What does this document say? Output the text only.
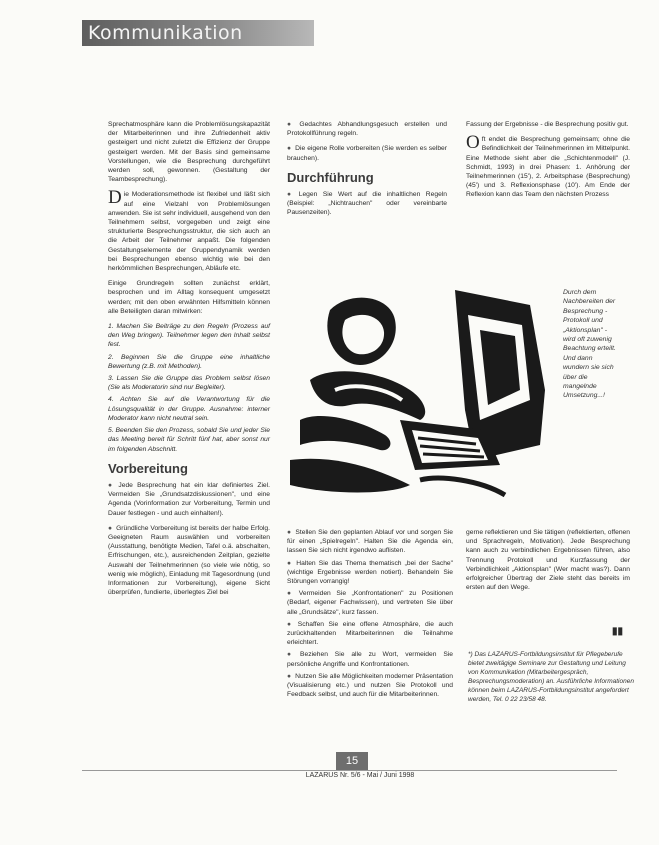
Kommunikation

Sprechatmosphäre kann die Problemlösungskapazität der Mitarbeiterinnen und ihre Zufriedenheit aktiv gesteigert und nicht zuletzt die Effizienz der Gruppe gesteigert werden. Mit der Basis sind gemeinsame Vorstellungen, wie die Besprechung durchgeführt werden soll, gewonnen. (Gestaltung der Teambesprechung).

Die Moderationsmethode ist flexibel und läßt sich auf eine Vielzahl von Problemlösungen anwenden. Sie ist sehr individuell, ausgehend von den Teilnehmern selbst, vorgegeben und zeigt eine strukturierte Besprechungsstruktur, die sich auch an die Arbeit der Teilnehmer anpaßt. Die folgenden Gestaltungselemente der Gruppendynamik werden bei Besprechungen ebenso wichtig wie bei den herkömmlichen Besprechungen, Abläufe etc.

Einige Grundregeln sollten zunächst erklärt, besprochen und im Alltag konsequent umgesetzt werden; mit den oben erwähnten Hilfsmitteln können alle Beteiligten daran mitwirken:

1. Machen Sie Beiträge zu den Regeln (Prozess auf den Weg bringen). Teilnehmer legen den Inhalt selbst fest.

2. Beginnen Sie die Gruppe eine inhaltliche Bewertung (z.B. mit Methoden).

3. Lassen Sie die Gruppe das Problem selbst lösen (Sie als Moderatorin sind nur Begleiter).

4. Achten Sie auf die Verantwortung für die Lösungsqualität in der Gruppe. Ausnahme: interner Moderator kann nicht neutral sein.

5. Beenden Sie den Prozess, sobald Sie und jeder Sie das Meeting bereit für Schritt fünf hat, aber sonst nur im folgenden Abschnitt.

Vorbereitung

● Jede Besprechung hat ein klar definiertes Ziel. Vermeiden Sie „Grundsatzdiskussionen", und eine Agenda (Vorinformation zur Vorbereitung, Termin und Dauer festlegen - und auch einhalten!).

● Gründliche Vorbereitung ist bereits der halbe Erfolg. Geeigneten Raum auswählen und vorbereiten (Ausstattung, benötigte Medien, Tafel o.ä. abschalten, Erfrischungen, etc.), ausreichenden Zeitplan, gezielte Auswahl der Teilnehmerinnen (so viele wie nötig, so wenig wie möglich), Einladung mit Tagesordnung (und Informationen zur Vorbereitung), eigene Sicht überprüfen, fundierte, überlegtes Ziel bei

● Gedachtes Abhandlungsgesuch erstellen und Protokollführung regeln.

● Die eigene Rolle vorbereiten (Sie werden es selber brauchen).

Durchführung

● Legen Sie Wert auf die inhaltlichen Regeln (Beispiel: „Nichtrauchen" oder vereinbarte Pausenzeiten).

Fassung der Ergebnisse - die Besprechung positiv gut.

Oft endet die Besprechung gemeinsam; ohne die Befindlichkeit der Teilnehmerinnen im Mittelpunkt. Eine Methode sieht aber die „Schichtenmodell" (J. Schmidt, 1993) in drei Phasen: 1. Anhörung der Teilnehmerinnen (15'), 2. Arbeitsphase (Besprechung) (45') und 3. Reflexionsphase (10'). Am Ende der Reflexion kann das Team den nächsten Prozess

Durch dem Nachbereiten der Besprechung - Protokoll und „Aktionsplan" - wird oft zuwenig Beachtung erteilt. Und dann wundern sie sich über die mangelnde Umsetzung...!

● Stellen Sie den geplanten Ablauf vor und sorgen Sie für einen „Spielregeln". Halten Sie die Agenda ein, lassen Sie sich nicht irgendwo auflisten.

● Halten Sie das Thema thematisch „bei der Sache" (wichtige Ergebnisse werden notiert). Behandeln Sie Störungen vorrangig!

● Vermeiden Sie „Konfrontationen" zu Positionen (Bedarf, eigener Fachwissen), und vertreten Sie über alle „Grundsätze", kurz fassen.

● Schaffen Sie eine offene Atmosphäre, die auch zurückhaltenden Mitarbeiterinnen die Teilnahme erleichtert.

● Beziehen Sie alle zu Wort, vermeiden Sie persönliche Angriffe und Konfrontationen.

● Nutzen Sie alle Möglichkeiten moderner Präsentation (Visualisierung etc.) und nutzen Sie Protokoll und Feedback selbst, und auch für die Mitarbeiterinnen.

gerne reflektieren und Sie tätigen (reflektierten, offenen und Sprachregeln, Motivation). Jede Besprechung kann auch zu verbindlichen Ergebnissen führen, also Trennung Protokoll und Kurzfassung der Verbindlichkeit „Aktionsplan" (Wer macht was?). Dann erfolgreicher Übertrag der Ziele steht das bereits im ersten auf den Wege.

▮▮
*) Das LAZARUS-Fortbildungsinstitut für Pflegeberufe bietet zweitägige Seminare zur Gestaltung und Leitung von Kommunikation (Mitarbeitergespräch, Besprechungsmoderation) an. Ausführliche Informationen können beim LAZARUS-Fortbildungsinstitut angefordert werden, Tel. 0 22 23/58 48.
15
LAZARUS Nr. 5/6 - Mai / Juni 1998
